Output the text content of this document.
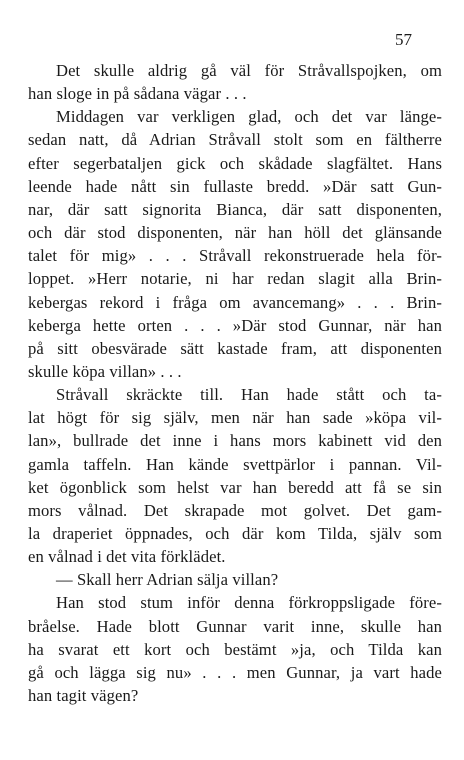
57
Det skulle aldrig gå väl för Stråvallspojken, om
han sloge in på sådana vägar . . .
Middagen var verkligen glad, och det var länge-
sedan natt, då Adrian Stråvall stolt som en fältherre
efter segerbataljen gick och skådade slagfältet. Hans
leende hade nått sin fullaste bredd. »Där satt Gun-
nar, där satt signorita Bianca, där satt disponenten,
och där stod disponenten, när han höll det glänsande
talet för mig» . . . Stråvall rekonstruerade hela för-
loppet. »Herr notarie, ni har redan slagit alla Brin-
kebergas rekord i fråga om avancemang» . . . Brin-
keberga hette orten . . . »Där stod Gunnar, när han
på sitt obesvärade sätt kastade fram, att disponenten
skulle köpa villan» . . .
Stråvall skräckte till. Han hade stått och ta-
lat högt för sig själv, men när han sade »köpa vil-
lan», bullrade det inne i hans mors kabinett vid den
gamla taffeln. Han kände svettpärlor i pannan. Vil-
ket ögonblick som helst var han beredd att få se sin
mors vålnad. Det skrapade mot golvet. Det gam-
la draperiet öppnades, och där kom Tilda, själv som
en vålnad i det vita förklädet.
— Skall herr Adrian sälja villan?
Han stod stum inför denna förkroppsligade före-
bråelse. Hade blott Gunnar varit inne, skulle han
ha svarat ett kort och bestämt »ja, och Tilda kan
gå och lägga sig nu» . . . men Gunnar, ja vart hade
han tagit vägen?
